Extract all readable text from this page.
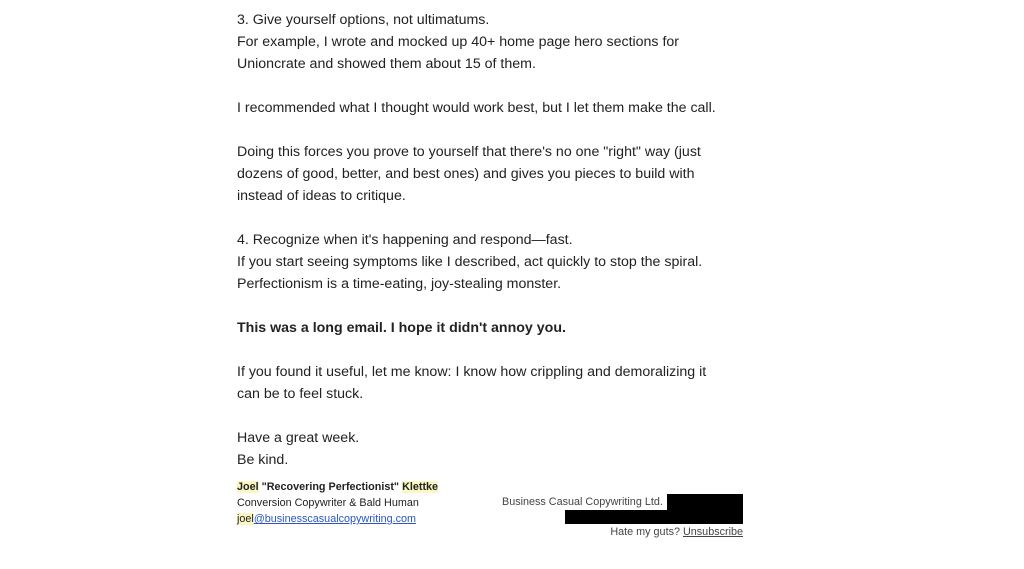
3. Give yourself options, not ultimatums.

For example, I wrote and mocked up 40+ home page hero sections for

Unioncrate and showed them about 15 of them.

I recommended what I thought would work best, but I let them make the call.

Doing this forces you prove to yourself that there's no one "right" way (just

dozens of good, better, and best ones) and gives you pieces to build with

instead of ideas to critique.

4. Recognize when it's happening and respond—fast.

If you start seeing symptoms like I described, act quickly to stop the spiral.

Perfectionism is a time-eating, joy-stealing monster.

This was a long email. I hope it didn't annoy you.

If you found it useful, let me know: I know how crippling and demoralizing it

can be to feel stuck.

Have a great week.

Be kind.

Joel "Recovering Perfectionist" Klettke
Conversion Copywriter & Bald Human
joel@businesscasualcopywriting.com
Business Casual Copywriting Ltd.
Hate my guts? Unsubscribe
